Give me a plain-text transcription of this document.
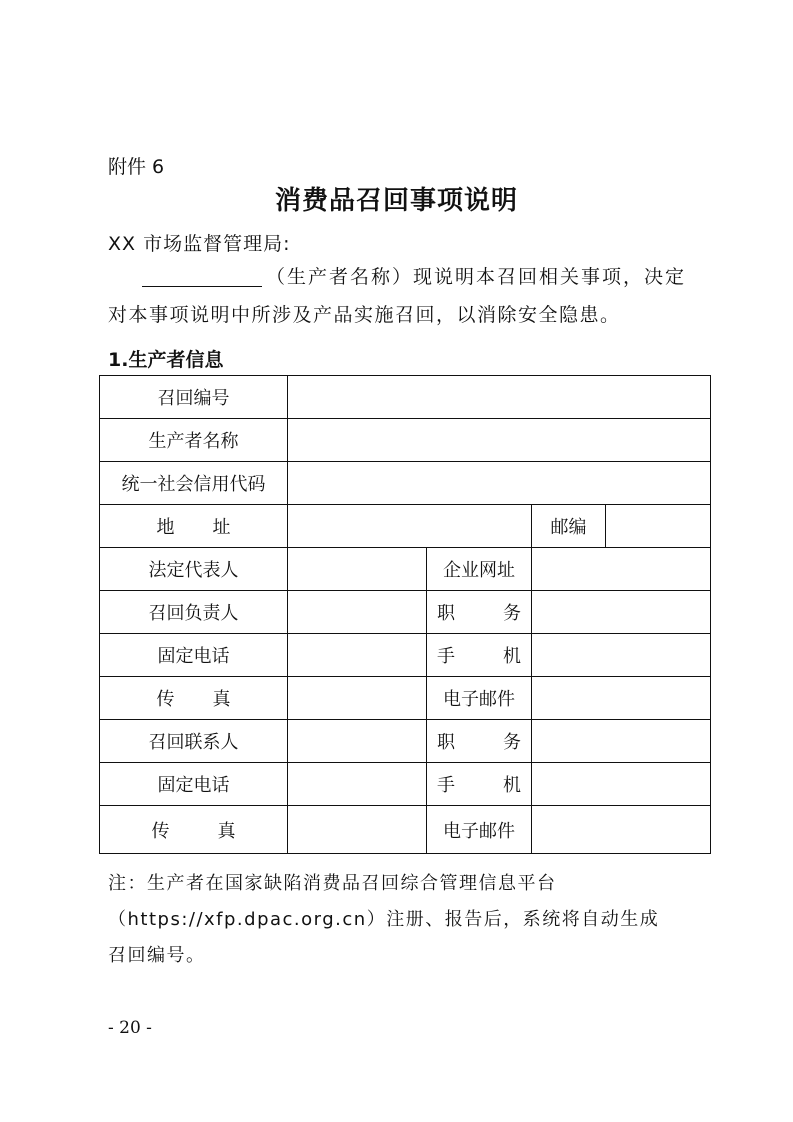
附件 6
消费品召回事项说明
XX 市场监督管理局:
（生产者名称）现说明本召回相关事项，决定
对本事项说明中所涉及产品实施召回，以消除安全隐患。
1.生产者信息
召回编号				
生产者名称				
统一社会信用代码				

地 址			邮编	
法定代表人		企业网址		
召回负责人		职 务		

固定电话		手 机		

传 真		电子邮件		
召回联系人		职 务		

固定电话		手 机		

传 真		电子邮件		
注：生产者在国家缺陷消费品召回综合管理信息平台
（https://xfp.dpac.org.cn）注册、报告后，系统将自动生成
召回编号。
- 20 -
